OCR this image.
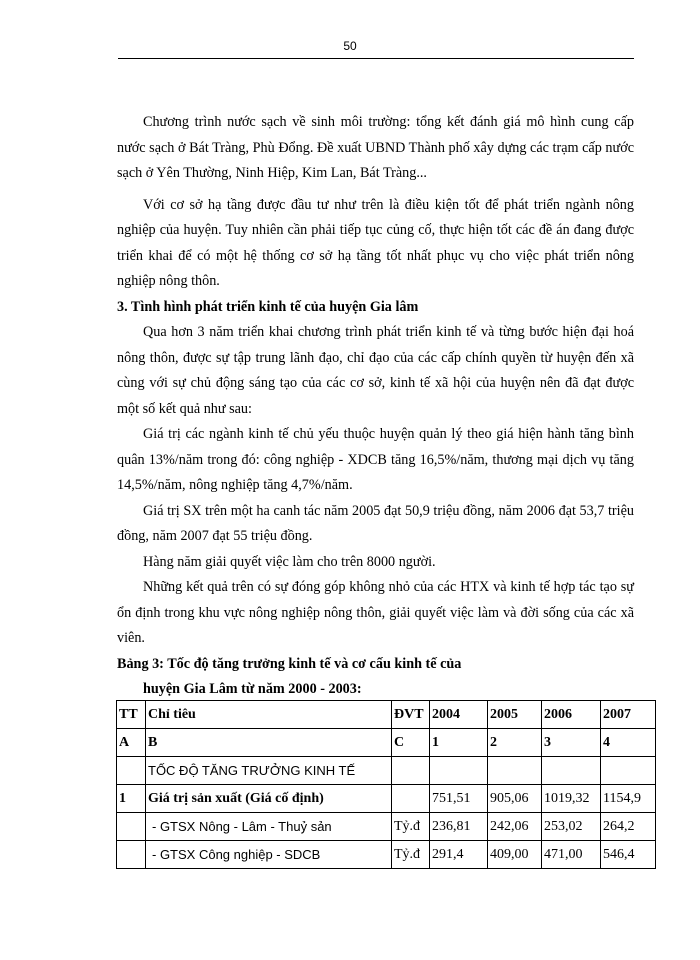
50

Chương trình nước sạch về sinh môi trường: tổng kết đánh giá mô hình cung cấp nước sạch ở Bát Tràng, Phù Đổng. Đề xuất UBND Thành phố xây dựng các trạm cấp nước sạch ở Yên Thường, Ninh Hiệp, Kim Lan, Bát Tràng...

Với cơ sở hạ tầng được đầu tư như trên là điều kiện tốt để phát triển ngành nông nghiệp của huyện. Tuy nhiên cần phải tiếp tục củng cố, thực hiện tốt các đề án đang được triển khai để có một hệ thống cơ sở hạ tầng tốt nhất phục vụ cho việc phát triển nông nghiệp nông thôn.

3. Tình hình phát triển kinh tế của huyện Gia lâm

Qua hơn 3 năm triển khai chương trình phát triển kinh tế và từng bước hiện đại hoá nông thôn, được sự tập trung lãnh đạo, chỉ đạo của các cấp chính quyền từ huyện đến xã cùng với sự chủ động sáng tạo của các cơ sở, kinh tế xã hội của huyện nên đã đạt được một số kết quả như sau:

Giá trị các ngành kinh tế chủ yếu thuộc huyện quản lý theo giá hiện hành tăng bình quân 13%/năm trong đó: công nghiệp - XDCB tăng 16,5%/năm, thương mại dịch vụ tăng 14,5%/năm, nông nghiệp tăng 4,7%/năm.

Giá trị SX trên một ha canh tác năm 2005 đạt 50,9 triệu đồng, năm 2006 đạt 53,7 triệu đồng, năm 2007 đạt 55 triệu đồng.

Hàng năm giải quyết việc làm cho trên 8000 người.

Những kết quả trên có sự đóng góp không nhỏ của các HTX và kinh tế hợp tác tạo sự ổn định trong khu vực nông nghiệp nông thôn, giải quyết việc làm và đời sống của các xã viên.

Bảng 3: Tốc độ tăng trưởng kinh tế và cơ cấu kinh tế của

huyện Gia Lâm từ năm 2000 - 2003:

TT	Chỉ tiêu	ĐVT	2004	2005	2006	2007
A	B	C	1	2	3	4
	TỐC ĐỘ TĂNG TRƯỞNG KINH TẾ					
1	Giá trị sản xuất (Giá cố định)		751,51	905,06	1019,32	1154,9
	- GTSX Nông - Lâm - Thuỷ sản	Tỷ.đ	236,81	242,06	253,02	264,2
	- GTSX Công nghiệp - SDCB	Tỷ.đ	291,4	409,00	471,00	546,4
